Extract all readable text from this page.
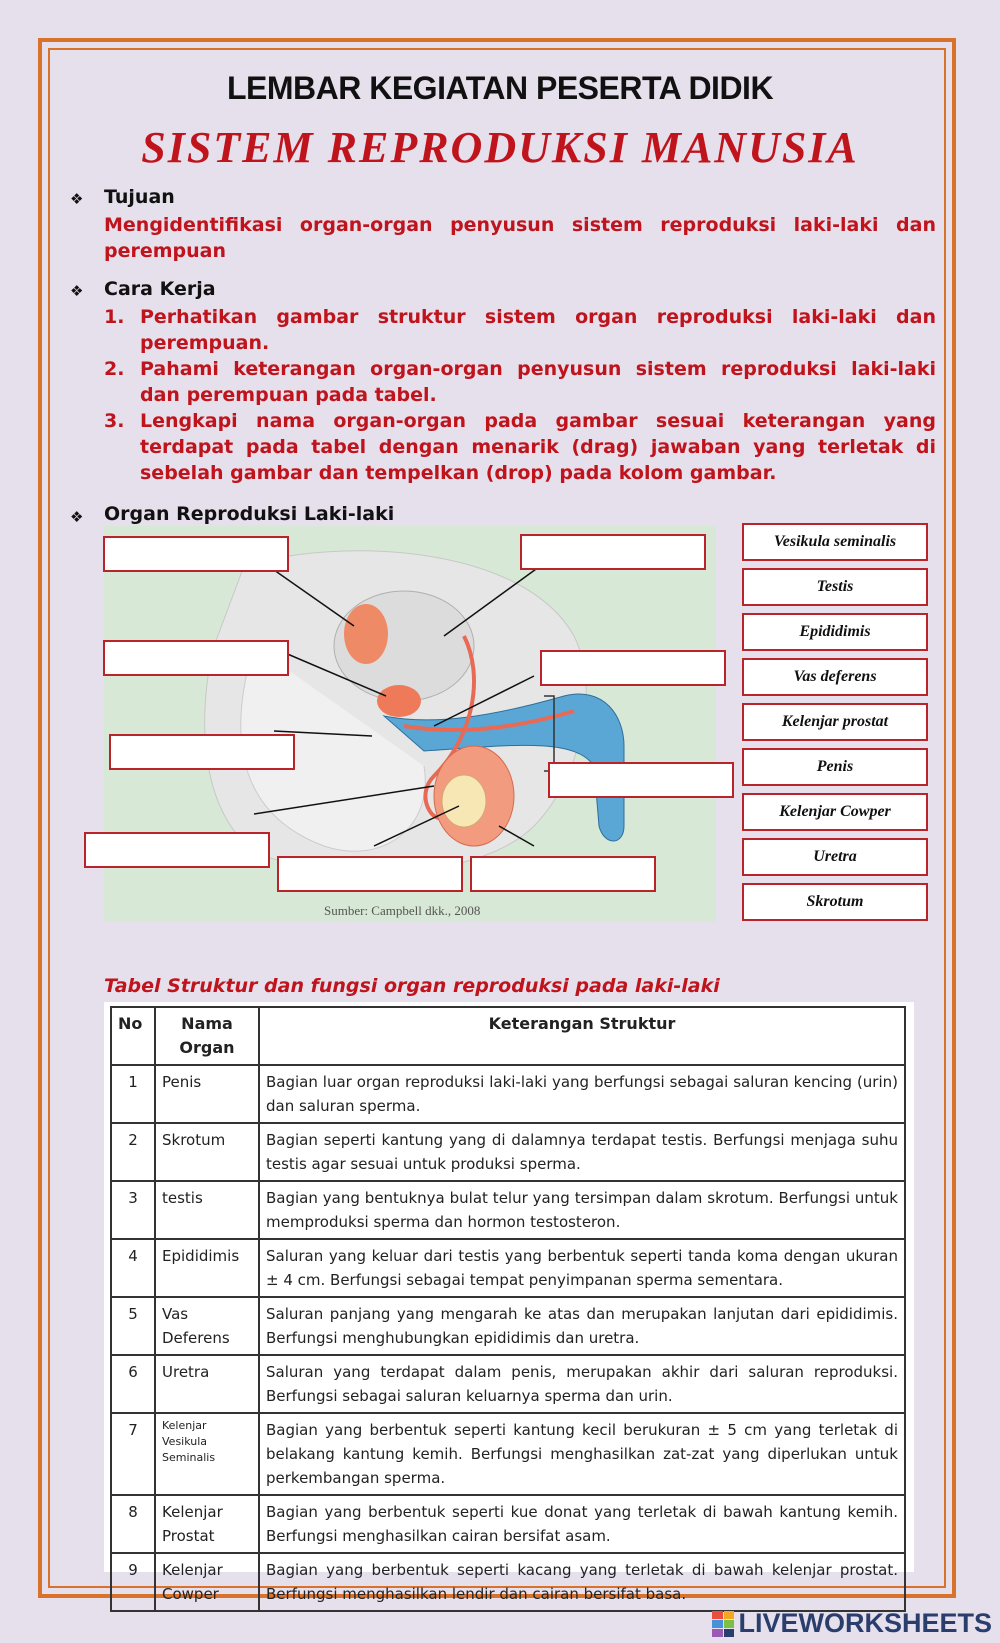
LEMBAR KEGIATAN PESERTA DIDIK
SISTEM REPRODUKSI MANUSIA
❖ Tujuan
Mengidentifikasi organ-organ penyusun sistem reproduksi laki-laki dan perempuan
❖ Cara Kerja
1. Perhatikan gambar struktur sistem organ reproduksi laki-laki dan perempuan.
2. Pahami keterangan organ-organ penyusun sistem reproduksi laki-laki dan perempuan pada tabel.
3. Lengkapi nama organ-organ pada gambar sesuai keterangan yang terdapat pada tabel dengan menarik (drag) jawaban yang terletak di sebelah gambar dan tempelkan (drop) pada kolom gambar.
❖ Organ Reproduksi Laki-laki
Sumber: Campbell dkk., 2008
Vesikula seminalis
Testis
Epididimis
Vas deferens
Kelenjar prostat
Penis
Kelenjar Cowper
Uretra
Skrotum
Tabel Struktur dan fungsi organ reproduksi pada laki-laki
No	Nama Organ	Keterangan Struktur
1	Penis	Bagian luar organ reproduksi laki-laki yang berfungsi sebagai saluran kencing (urin) dan saluran sperma.
2	Skrotum	Bagian seperti kantung yang di dalamnya terdapat testis. Berfungsi menjaga suhu testis agar sesuai untuk produksi sperma.
3	testis	Bagian yang bentuknya bulat telur yang tersimpan dalam skrotum. Berfungsi untuk memproduksi sperma dan hormon testosteron.
4	Epididimis	Saluran yang keluar dari testis yang berbentuk seperti tanda koma dengan ukuran ± 4 cm. Berfungsi sebagai tempat penyimpanan sperma sementara.
5	Vas Deferens	Saluran panjang yang mengarah ke atas dan merupakan lanjutan dari epididimis. Berfungsi menghubungkan epididimis dan uretra.
6	Uretra	Saluran yang terdapat dalam penis, merupakan akhir dari saluran reproduksi. Berfungsi sebagai saluran keluarnya sperma dan urin.
7	Kelenjar Vesikula Seminalis	Bagian yang berbentuk seperti kantung kecil berukuran ± 5 cm yang terletak di belakang kantung kemih. Berfungsi menghasilkan zat-zat yang diperlukan untuk perkembangan sperma.
8	Kelenjar Prostat	Bagian yang berbentuk seperti kue donat yang terletak di bawah kantung kemih. Berfungsi menghasilkan cairan bersifat asam.
9	Kelenjar Cowper	Bagian yang berbentuk seperti kacang yang terletak di bawah kelenjar prostat. Berfungsi menghasilkan lendir dan cairan bersifat basa.
LIVEWORKSHEETS
